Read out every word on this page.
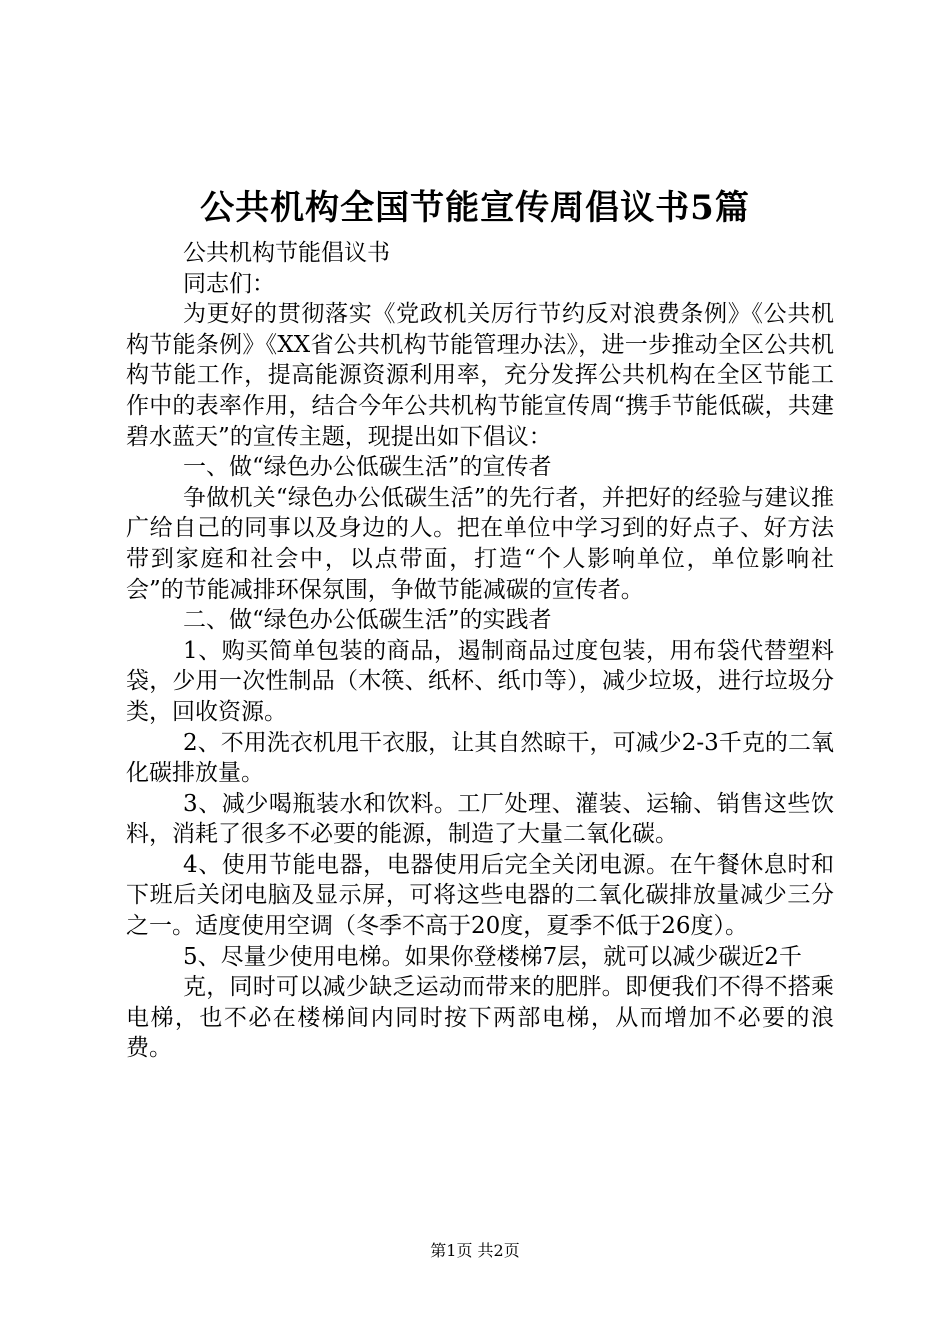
公共机构全国节能宣传周倡议书5篇

公共机构节能倡议书

同志们：

为更好的贯彻落实《党政机关厉行节约反对浪费条例》《公共机构节能条例》《XX省公共机构节能管理办法》，进一步推动全区公共机构节能工作，提高能源资源利用率，充分发挥公共机构在全区节能工作中的表率作用，结合今年公共机构节能宣传周“携手节能低碳，共建碧水蓝天”的宣传主题，现提出如下倡议：

一、做“绿色办公低碳生活”的宣传者

争做机关“绿色办公低碳生活”的先行者，并把好的经验与建议推广给自己的同事以及身边的人。把在单位中学习到的好点子、好方法带到家庭和社会中，以点带面，打造“个人影响单位，单位影响社会”的节能减排环保氛围，争做节能减碳的宣传者。

二、做“绿色办公低碳生活”的实践者

1、购买简单包装的商品，遏制商品过度包装，用布袋代替塑料袋，少用一次性制品（木筷、纸杯、纸巾等），减少垃圾，进行垃圾分类，回收资源。

2、不用洗衣机甩干衣服，让其自然晾干，可减少2-3千克的二氧化碳排放量。

3、减少喝瓶装水和饮料。工厂处理、灌装、运输、销售这些饮料，消耗了很多不必要的能源，制造了大量二氧化碳。

4、使用节能电器，电器使用后完全关闭电源。在午餐休息时和下班后关闭电脑及显示屏，可将这些电器的二氧化碳排放量减少三分之一。适度使用空调（冬季不高于20度，夏季不低于26度）。

5、尽量少使用电梯。如果你登楼梯7层，就可以减少碳近2千

克，同时可以减少缺乏运动而带来的肥胖。即便我们不得不搭乘电梯，也不必在楼梯间内同时按下两部电梯，从而增加不必要的浪费。

第1页 共2页
